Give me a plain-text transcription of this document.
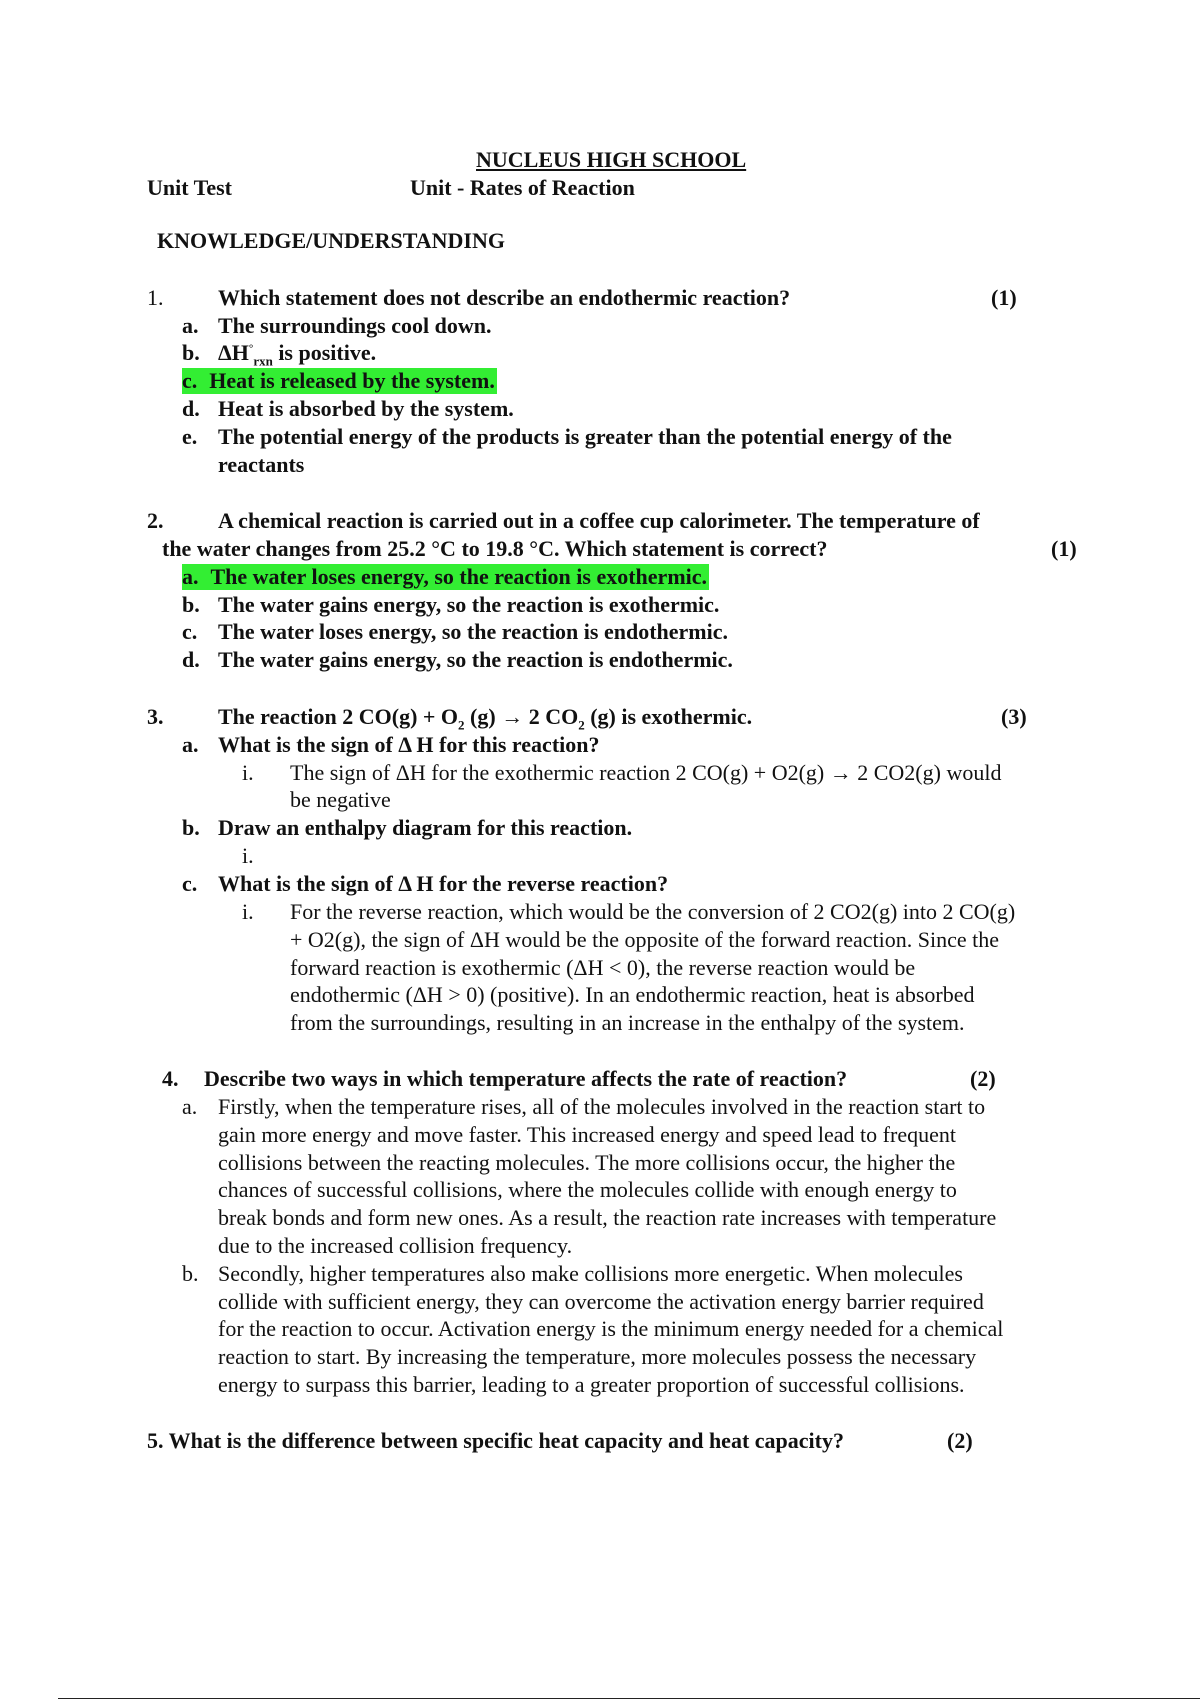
NUCLEUS HIGH SCHOOL
Unit Test	Unit - Rates of Reaction
KNOWLEDGE/UNDERSTANDING
1. Which statement does not describe an endothermic reaction?	(1)
a. The surroundings cool down.
b. $\Delta H^\circ_{rxn}$ is positive.
c. Heat is released by the system.
d. Heat is absorbed by the system.
e. The potential energy of the products is greater than the potential energy of the
reactants
2. A chemical reaction is carried out in a coffee cup calorimeter. The temperature of
the water changes from 25.2 °C to 19.8 °C. Which statement is correct?	(1)
a. The water loses energy, so the reaction is exothermic.
b. The water gains energy, so the reaction is exothermic.
c. The water loses energy, so the reaction is endothermic.
d. The water gains energy, so the reaction is endothermic.
3. The reaction 2 $CO(g) + O_2$ (g) → 2 $CO_2$ (g) is exothermic.	(3)
a. What is the sign of Δ H for this reaction?
i. The sign of ΔH for the exothermic reaction 2 CO(g) + O2(g) → 2 CO2(g) would
be negative
b. Draw an enthalpy diagram for this reaction.
i.
c. What is the sign of Δ H for the reverse reaction?
i. For the reverse reaction, which would be the conversion of 2 CO2(g) into 2 CO(g)
+ O2(g), the sign of ΔH would be the opposite of the forward reaction. Since the
forward reaction is exothermic (ΔH < 0), the reverse reaction would be
endothermic (ΔH > 0) (positive). In an endothermic reaction, heat is absorbed
from the surroundings, resulting in an increase in the enthalpy of the system.
4. Describe two ways in which temperature affects the rate of reaction?	(2)
a. Firstly, when the temperature rises, all of the molecules involved in the reaction start to
gain more energy and move faster. This increased energy and speed lead to frequent
collisions between the reacting molecules. The more collisions occur, the higher the
chances of successful collisions, where the molecules collide with enough energy to
break bonds and form new ones. As a result, the reaction rate increases with temperature
due to the increased collision frequency.
b. Secondly, higher temperatures also make collisions more energetic. When molecules
collide with sufficient energy, they can overcome the activation energy barrier required
for the reaction to occur. Activation energy is the minimum energy needed for a chemical
reaction to start. By increasing the temperature, more molecules possess the necessary
energy to surpass this barrier, leading to a greater proportion of successful collisions.
5. What is the difference between specific heat capacity and heat capacity?	(2)
